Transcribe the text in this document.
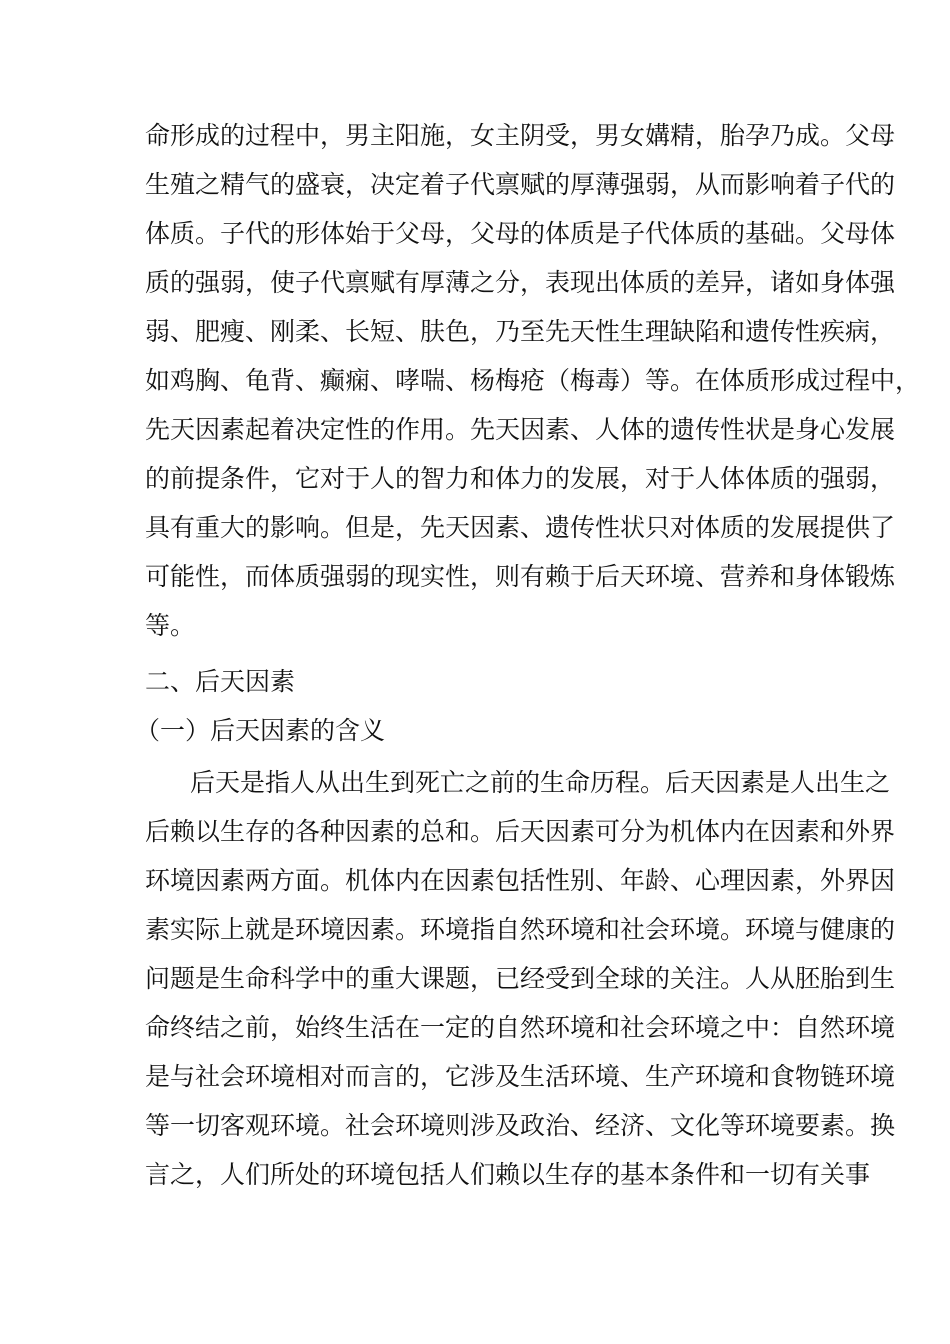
命形成的过程中，男主阳施，女主阴受，男女媾精，胎孕乃成。父母
生殖之精气的盛衰，决定着子代禀赋的厚薄强弱，从而影响着子代的
体质。子代的形体始于父母，父母的体质是子代体质的基础。父母体
质的强弱，使子代禀赋有厚薄之分，表现出体质的差异，诸如身体强
弱、肥瘦、刚柔、长短、肤色，乃至先天性生理缺陷和遗传性疾病，
如鸡胸、龟背、癫痫、哮喘、杨梅疮（梅毒）等。在体质形成过程中，
先天因素起着决定性的作用。先天因素、人体的遗传性状是身心发展
的前提条件，它对于人的智力和体力的发展，对于人体体质的强弱，
具有重大的影响。但是，先天因素、遗传性状只对体质的发展提供了
可能性，而体质强弱的现实性，则有赖于后天环境、营养和身体锻炼
等。
二、后天因素
（一）后天因素的含义
后天是指人从出生到死亡之前的生命历程。后天因素是人出生之
后赖以生存的各种因素的总和。后天因素可分为机体内在因素和外界
环境因素两方面。机体内在因素包括性别、年龄、心理因素，外界因
素实际上就是环境因素。环境指自然环境和社会环境。环境与健康的
问题是生命科学中的重大课题，已经受到全球的关注。人从胚胎到生
命终结之前，始终生活在一定的自然环境和社会环境之中：自然环境
是与社会环境相对而言的，它涉及生活环境、生产环境和食物链环境
等一切客观环境。社会环境则涉及政治、经济、文化等环境要素。换
言之，人们所处的环境包括人们赖以生存的基本条件和一切有关事
